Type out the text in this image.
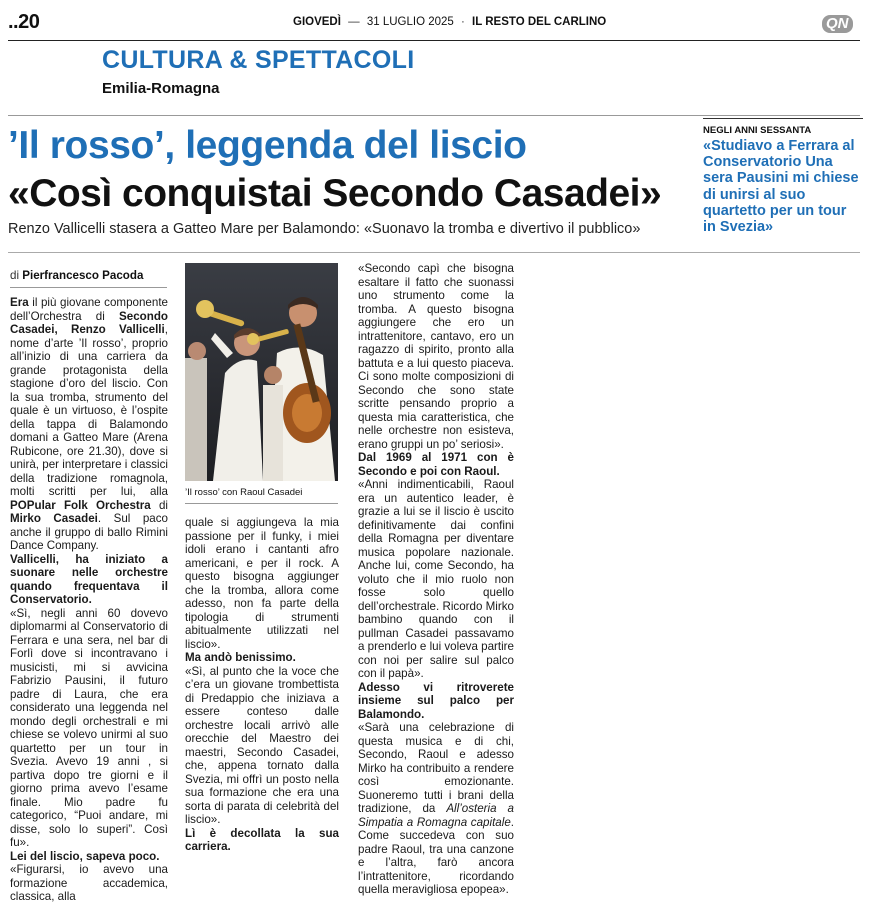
..20	GIOVEDÌ — 31 LUGLIO 2025 · IL RESTO DEL CARLINO	QN
CULTURA & SPETTACOLI
Emilia-Romagna
’Il rosso’, leggenda del liscio
«Così conquistai Secondo Casadei»
Renzo Vallicelli stasera a Gatteo Mare per Balamondo: «Suonavo la tromba e divertivo il pubblico»
NEGLI ANNI SESSANTA
«Studiavo a Ferrara al Conservatorio Una sera Pausini mi chiese di unirsi al suo quartetto per un tour in Svezia»
di Pierfrancesco Pacoda

Era il più giovane componente dell’Orchestra di Secondo Casadei, Renzo Vallicelli, nome d’arte ’Il rosso’, proprio all’inizio di una carriera da grande protagonista della stagione d’oro del liscio. Con la sua tromba, strumento del quale è un virtuoso, è l’ospite della tappa di Balamondo domani a Gatteo Mare (Arena Rubicone, ore 21.30), dove si unirà, per interpretare i classici della tradizione romagnola, molti scritti per lui, alla POPular Folk Orchestra di Mirko Casadei. Sul paco anche il gruppo di ballo Rimini Dance Company.

Vallicelli, ha iniziato a suonare nelle orchestre quando frequentava il Conservatorio.

«Sì, negli anni 60 dovevo diplomarmi al Conservatorio di Ferrara e una sera, nel bar di Forlì dove si incontravano i musicisti, mi si avvicina Fabrizio Pausini, il futuro padre di Laura, che era considerato una leggenda nel mondo degli orchestrali e mi chiese se volevo unirmi al suo quartetto per un tour in Svezia. Avevo 19 anni , si partiva dopo tre giorni e il giorno prima avevo l’esame finale. Mio padre fu categorico, “Puoi andare, mi disse, solo lo superi”. Così fu».

Lei del liscio, sapeva poco.

«Figurarsi, io avevo una formazione accademica, classica, alla

’Il rosso’ con Raoul Casadei

quale si aggiungeva la mia passione per il funky, i miei idoli erano i cantanti afro americani, e per il rock. A questo bisogna aggiunger che la tromba, allora come adesso, non fa parte della tipologia di strumenti abitualmente utilizzati nel liscio».

Ma andò benissimo.

«Sì, al punto che la voce che c’era un giovane trombettista di Predappio che iniziava a essere conteso dalle orchestre locali arrivò alle orecchie del Maestro dei maestri, Secondo Casadei, che, appena tornato dalla Svezia, mi offrì un posto nella sua formazione che era una sorta di parata di celebrità del liscio».

Lì è decollata la sua carriera.

«Secondo capì che bisogna esaltare il fatto che suonassi uno strumento come la tromba. A questo bisogna aggiungere che ero un intrattenitore, cantavo, ero un ragazzo di spirito, pronto alla battuta e a lui questo piaceva. Ci sono molte composizioni di Secondo che sono state scritte pensando proprio a questa mia caratteristica, che nelle orchestre non esisteva, erano gruppi un po’ seriosi».

Dal 1969 al 1971 con è Secondo e poi con Raoul.

«Anni indimenticabili, Raoul era un autentico leader, è grazie a lui se il liscio è uscito definitivamente dai confini della Romagna per diventare musica popolare nazionale. Anche lui, come Secondo, ha voluto che il mio ruolo non fosse solo quello dell’orchestrale. Ricordo Mirko bambino quando con il pullman Casadei passavamo a prenderlo e lui voleva partire con noi per salire sul palco con il papà».

Adesso vi ritroverete insieme sul palco per Balamondo.

«Sarà una celebrazione di questa musica e di chi, Secondo, Raoul e adesso Mirko ha contribuito a rendere così emozionante. Suoneremo tutti i brani della tradizione, da All’osteria a Simpatia a Romagna capitale. Come succedeva con suo padre Raoul, tra una canzone e l’altra, farò ancora l’intrattenitore, ricordando quella meravigliosa epopea».
